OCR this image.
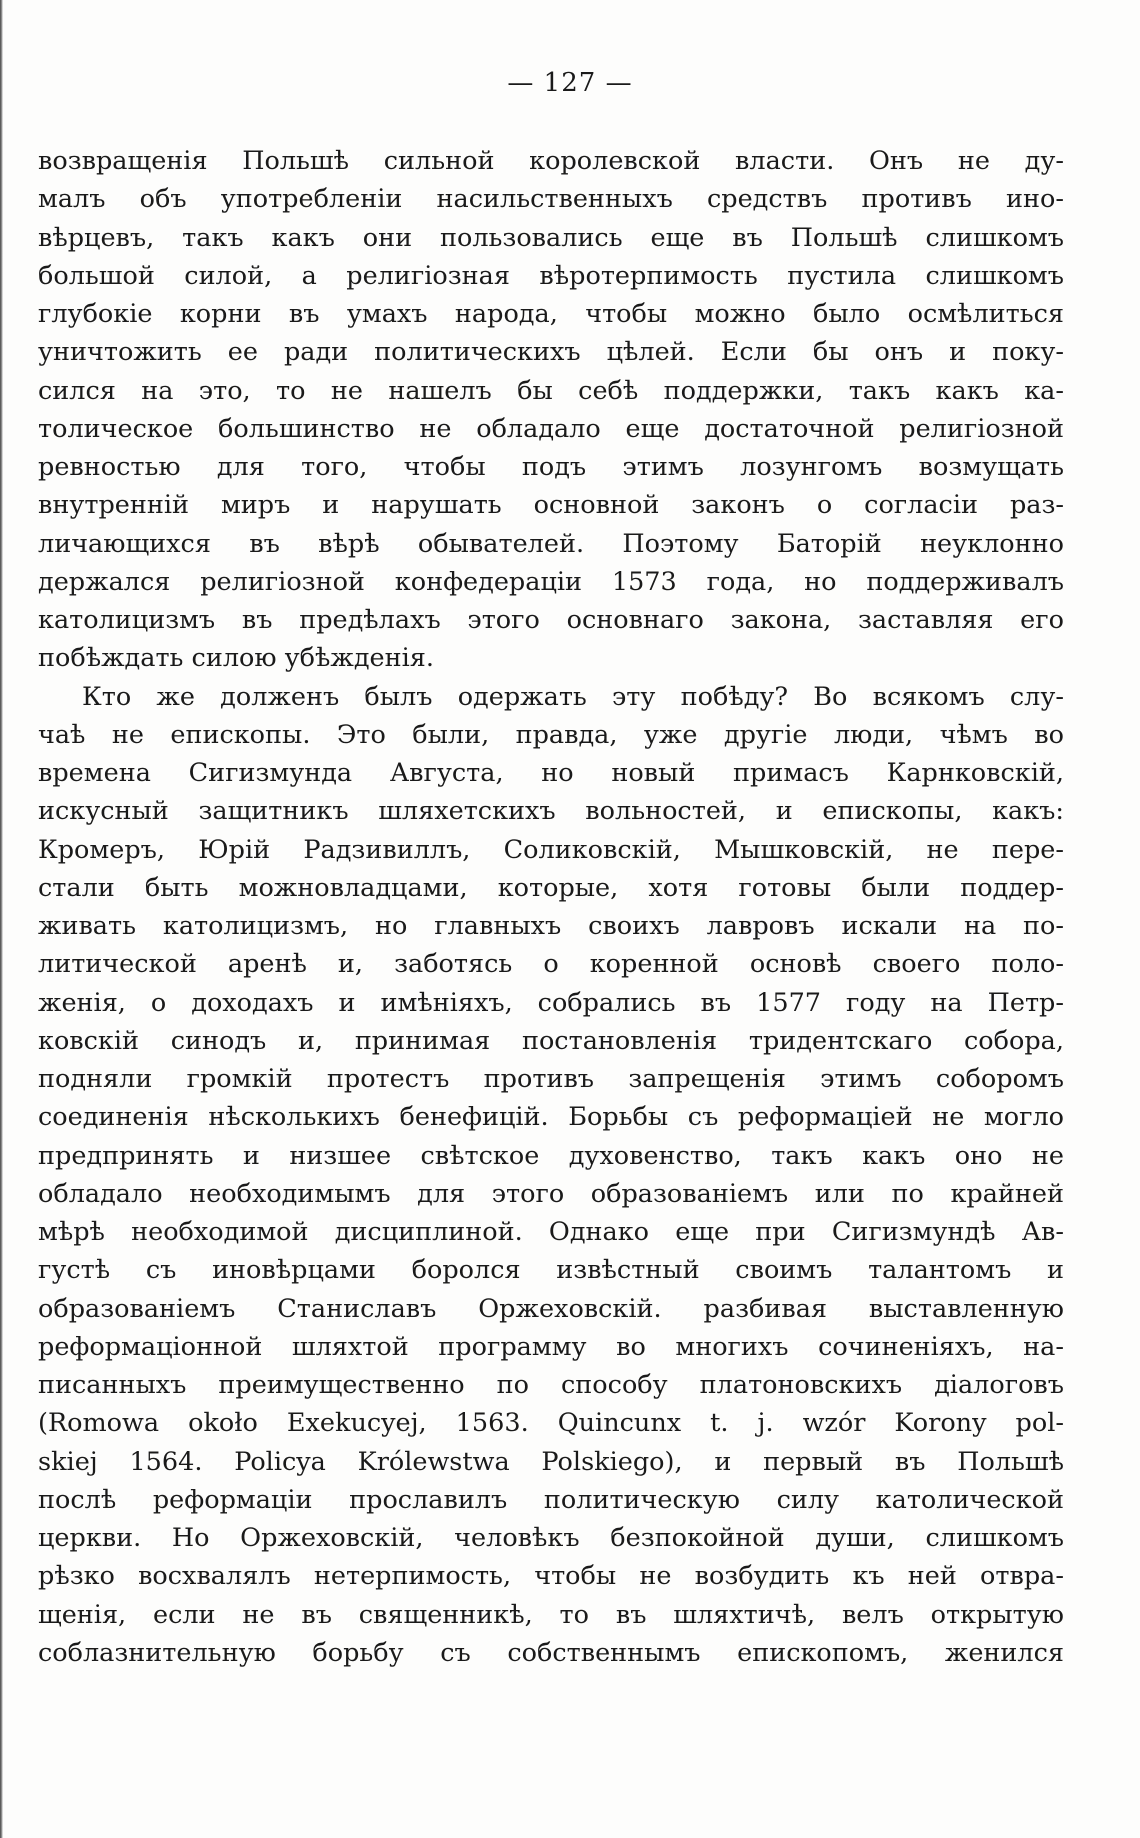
— 127 —
возвращенія Польшѣ сильной королевской власти. Онъ не ду-
малъ объ употребленіи насильственныхъ средствъ противъ ино-
вѣрцевъ, такъ какъ они пользовались еще въ Польшѣ слишкомъ
большой силой, а религіозная вѣротерпимость пустила слишкомъ
глубокіе корни въ умахъ народа, чтобы можно было осмѣлиться
уничтожить ее ради политическихъ цѣлей. Если бы онъ и поку-
сился на это, то не нашелъ бы себѣ поддержки, такъ какъ ка-
толическое большинство не обладало еще достаточной религіозной
ревностью для того, чтобы подъ этимъ лозунгомъ возмущать
внутренній миръ и нарушать основной законъ о согласіи раз-
личающихся въ вѣрѣ обывателей. Поэтому Баторій неуклонно
держался религіозной конфедераціи 1573 года, но поддерживалъ
католицизмъ въ предѣлахъ этого основнаго закона, заставляя его
побѣждать силою убѣжденія.
Кто же долженъ былъ одержать эту побѣду? Во всякомъ слу-
чаѣ не епископы. Это были, правда, уже другіе люди, чѣмъ во
времена Сигизмунда Августа, но новый примасъ Карнковскій,
искусный защитникъ шляхетскихъ вольностей, и епископы, какъ:
Кромеръ, Юрій Радзивиллъ, Соликовскій, Мышковскій, не пере-
стали быть можновладцами, которые, хотя готовы были поддер-
живать католицизмъ, но главныхъ своихъ лавровъ искали на по-
литической аренѣ и, заботясь о коренной основѣ своего поло-
женія, о доходахъ и имѣніяхъ, собрались въ 1577 году на Петр-
ковскій синодъ и, принимая постановленія тридентскаго собора,
подняли громкій протестъ противъ запрещенія этимъ соборомъ
соединенія нѣсколькихъ бенефицій. Борьбы съ реформаціей не могло
предпринять и низшее свѣтское духовенство, такъ какъ оно не
обладало необходимымъ для этого образованіемъ или по крайней
мѣрѣ необходимой дисциплиной. Однако еще при Сигизмундѣ Ав-
густѣ съ иновѣрцами боролся извѣстный своимъ талантомъ и
образованіемъ Станиславъ Оржеховскій. разбивая выставленную
реформаціонной шляхтой программу во многихъ сочиненіяхъ, на-
писанныхъ преимущественно по способу платоновскихъ діалоговъ
(Romowa około Exekucyej, 1563. Quincunx t. j. wzór Korony pol-
skiej 1564. Policya Królewstwa Polskiego), и первый въ Польшѣ
послѣ реформаціи прославилъ политическую силу католической
церкви. Но Оржеховскій, человѣкъ безпокойной души, слишкомъ
рѣзко восхвалялъ нетерпимость, чтобы не возбудить къ ней отвра-
щенія, если не въ священникѣ, то въ шляхтичѣ, велъ открытую
соблазнительную борьбу съ собственнымъ епископомъ, женился
